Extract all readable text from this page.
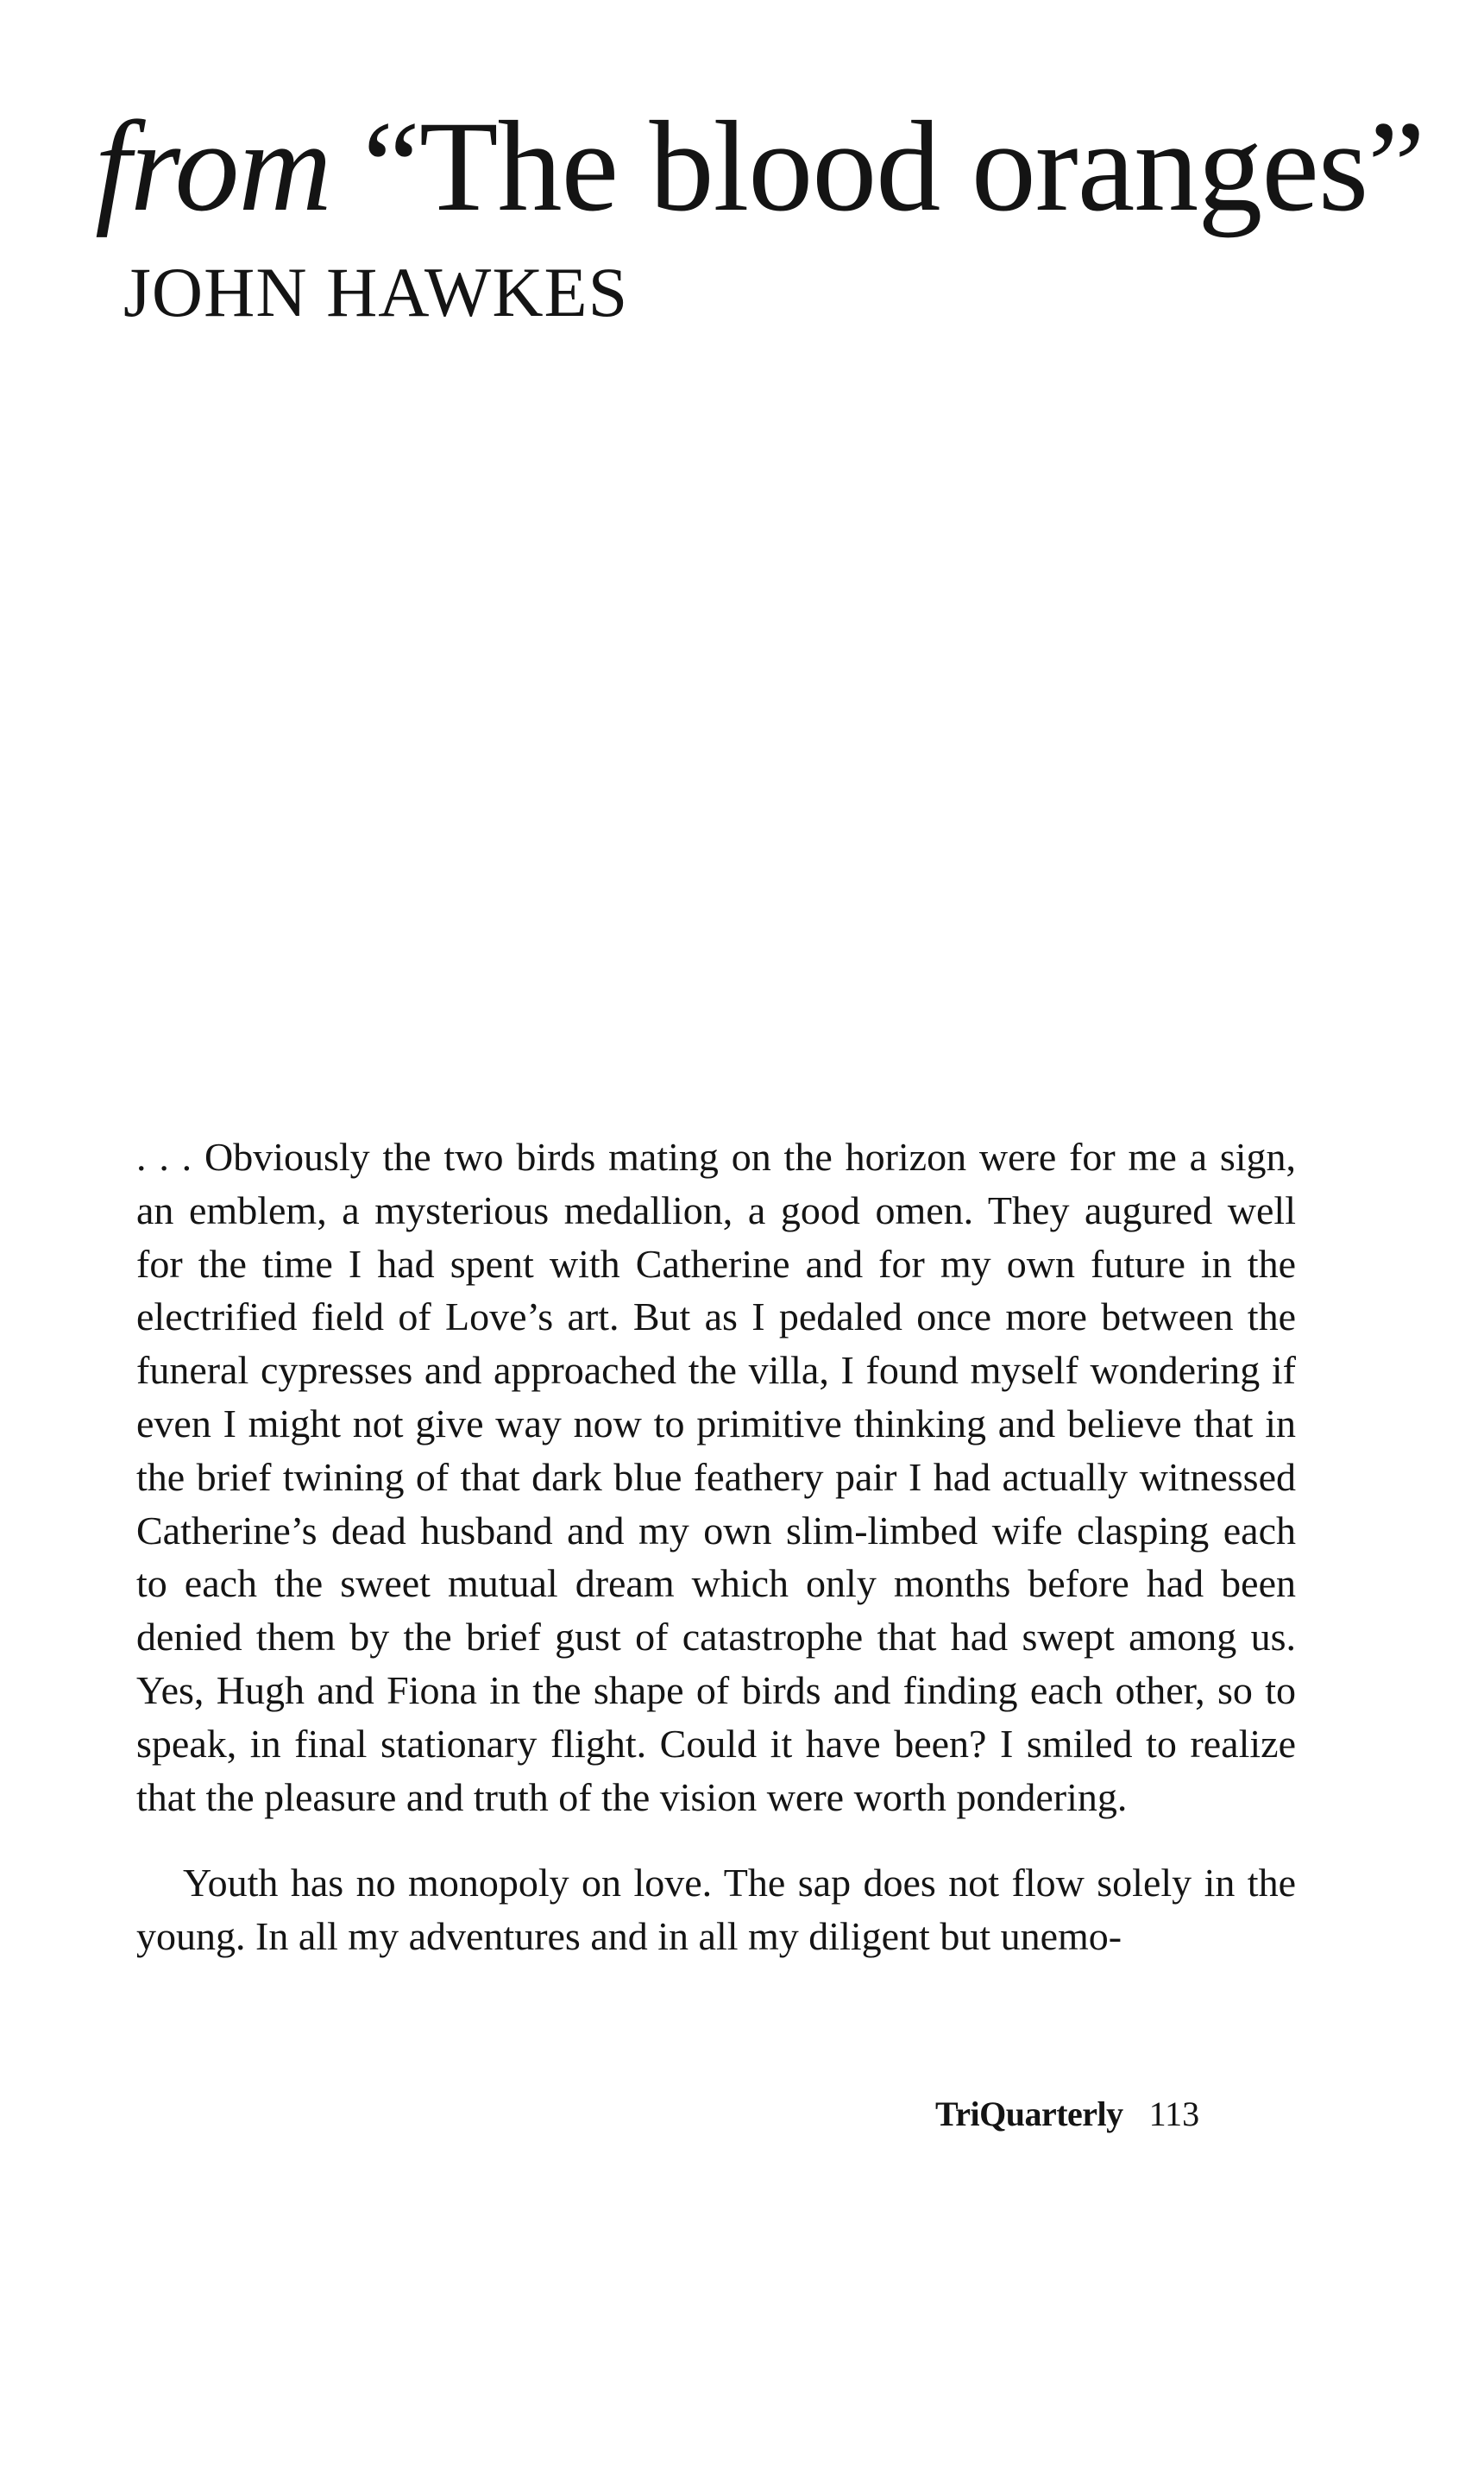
from “The blood oranges”
JOHN HAWKES

. . . Obviously the two birds mating on the horizon were for me a sign, an emblem, a mysterious medallion, a good omen. They augured well for the time I had spent with Catherine and for my own future in the electrified field of Love’s art. But as I pedaled once more between the funeral cypresses and approached the villa, I found myself wondering if even I might not give way now to primitive thinking and believe that in the brief twining of that dark blue feathery pair I had actually witnessed Catherine’s dead husband and my own slim-limbed wife clasping each to each the sweet mutual dream which only months before had been denied them by the brief gust of catastrophe that had swept among us. Yes, Hugh and Fiona in the shape of birds and finding each other, so to speak, in final stationary flight. Could it have been? I smiled to realize that the pleasure and truth of the vision were worth pondering.

Youth has no monopoly on love. The sap does not flow solely in the young. In all my adventures and in all my diligent but unemo-

TriQuarterly 113
